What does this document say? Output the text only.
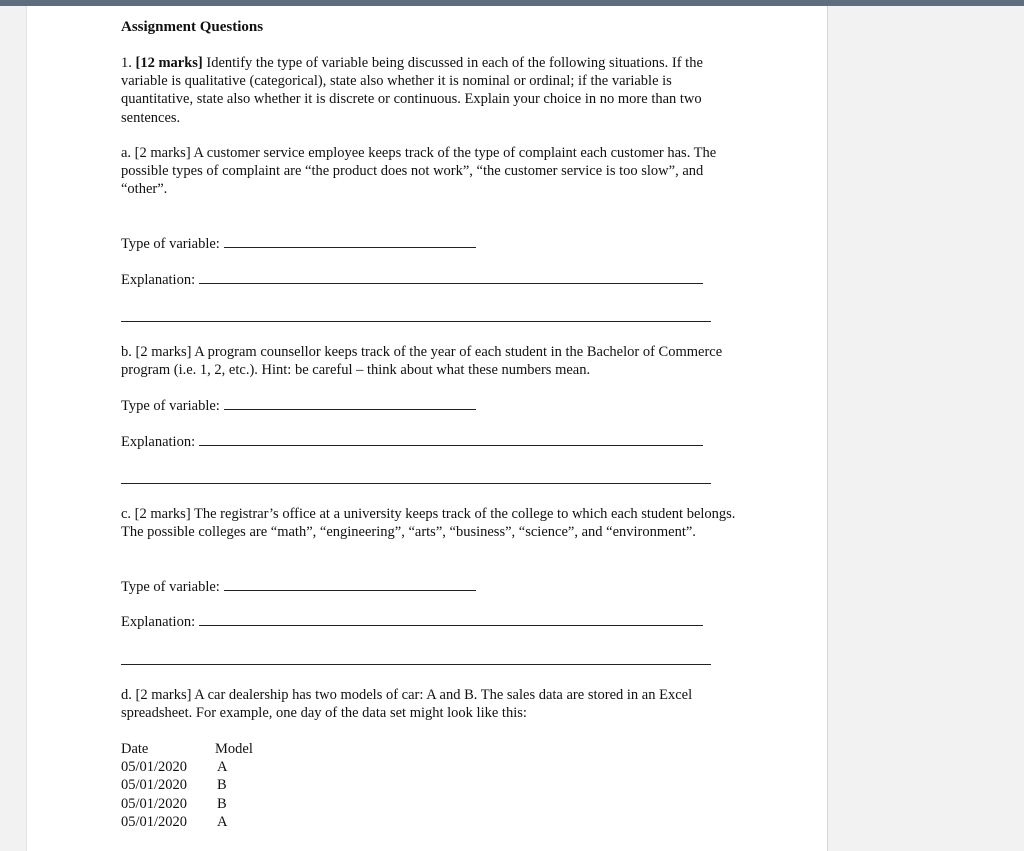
Assignment Questions

1. [12 marks] Identify the type of variable being discussed in each of the following situations. If the variable is qualitative (categorical), state also whether it is nominal or ordinal; if the variable is quantitative, state also whether it is discrete or continuous. Explain your choice in no more than two sentences.

a. [2 marks] A customer service employee keeps track of the type of complaint each customer has. The possible types of complaint are “the product does not work”, “the customer service is too slow”, and “other”.

Type of variable:
Explanation:

b. [2 marks] A program counsellor keeps track of the year of each student in the Bachelor of Commerce program (i.e. 1, 2, etc.). Hint: be careful – think about what these numbers mean.

Type of variable:
Explanation:

c. [2 marks] The registrar’s office at a university keeps track of the college to which each student belongs. The possible colleges are “math”, “engineering”, “arts”, “business”, “science”, and “environment”.

Type of variable:
Explanation:

d. [2 marks] A car dealership has two models of car: A and B. The sales data are stored in an Excel spreadsheet. For example, one day of the data set might look like this:

Date	Model
05/01/2020	A
05/01/2020	B
05/01/2020	B
05/01/2020	A
